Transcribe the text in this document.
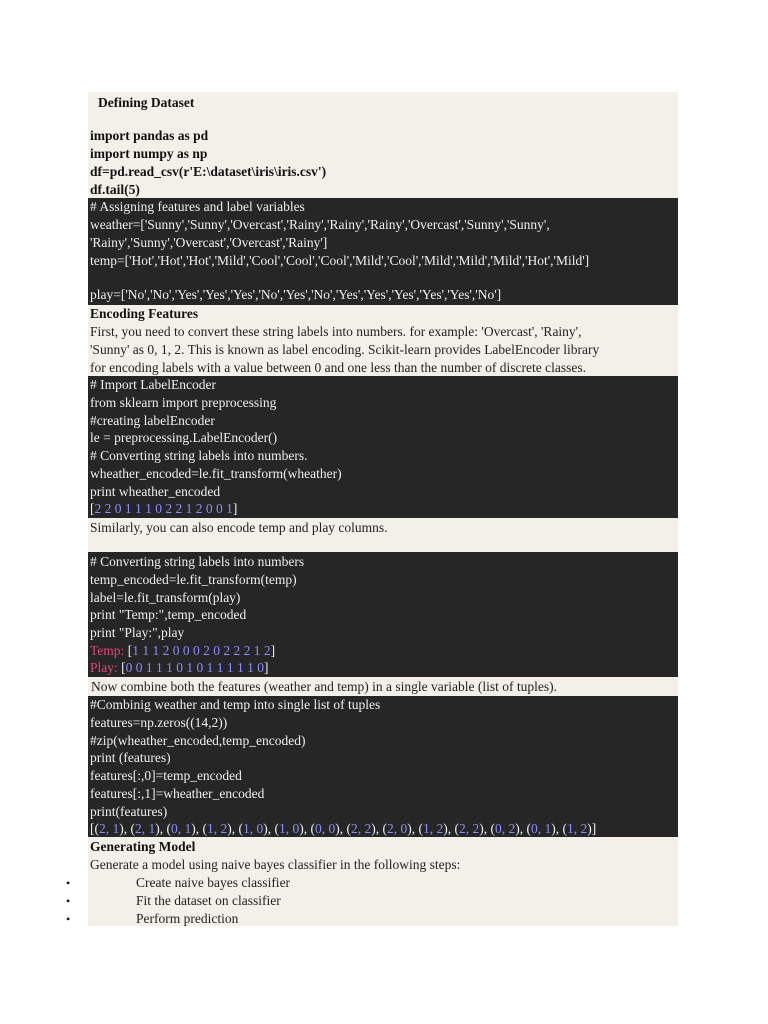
Defining Dataset
import pandas as pd
import numpy as np
df=pd.read_csv(r'E:\dataset\iris\iris.csv')
df.tail(5)
# Assigning features and label variables
weather=['Sunny','Sunny','Overcast','Rainy','Rainy','Rainy','Overcast','Sunny','Sunny',
'Rainy','Sunny','Overcast','Overcast','Rainy']
temp=['Hot','Hot','Hot','Mild','Cool','Cool','Cool','Mild','Cool','Mild','Mild','Mild','Hot','Mild']
play=['No','No','Yes','Yes','Yes','No','Yes','No','Yes','Yes','Yes','Yes','Yes','No']
Encoding Features
First, you need to convert these string labels into numbers. for example: 'Overcast', 'Rainy',
'Sunny' as 0, 1, 2. This is known as label encoding. Scikit-learn provides LabelEncoder library
for encoding labels with a value between 0 and one less than the number of discrete classes.
# Import LabelEncoder
from sklearn import preprocessing
#creating labelEncoder
le = preprocessing.LabelEncoder()
# Converting string labels into numbers.
wheather_encoded=le.fit_transform(wheather)
print wheather_encoded
[2 2 0 1 1 1 0 2 2 1 2 0 0 1]
Similarly, you can also encode temp and play columns.
# Converting string labels into numbers
temp_encoded=le.fit_transform(temp)
label=le.fit_transform(play)
print "Temp:",temp_encoded
print "Play:",play
Temp: [1 1 1 2 0 0 0 2 0 2 2 2 1 2]
Play: [0 0 1 1 1 0 1 0 1 1 1 1 1 0]
Now combine both the features (weather and temp) in a single variable (list of tuples).
#Combinig weather and temp into single list of tuples
features=np.zeros((14,2))
#zip(wheather_encoded,temp_encoded)
print (features)
features[:,0]=temp_encoded
features[:,1]=wheather_encoded
print(features)
[(2, 1), (2, 1), (0, 1), (1, 2), (1, 0), (1, 0), (0, 0), (2, 2), (2, 0), (1, 2), (2, 2), (0, 2), (0, 1), (1, 2)]
Generating Model
Generate a model using naive bayes classifier in the following steps:
•	Create naive bayes classifier
•	Fit the dataset on classifier
•	Perform prediction
